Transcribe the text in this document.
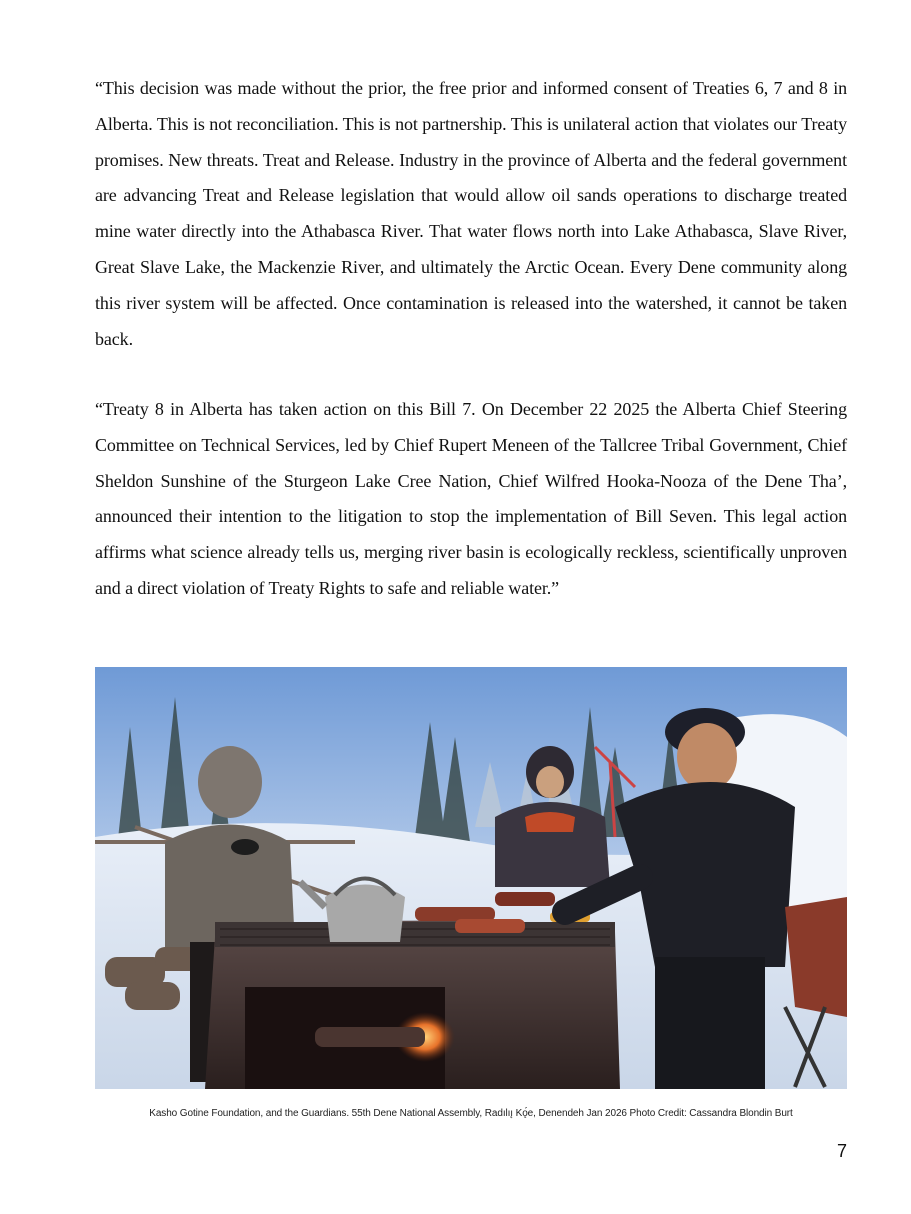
“This decision was made without the prior, the free prior and informed consent of Treaties 6, 7 and 8 in Alberta. This is not reconciliation. This is not partnership. This is unilateral action that violates our Treaty promises. New threats. Treat and Release. Industry in the province of Alberta and the federal government are advancing Treat and Release legislation that would allow oil sands operations to discharge treated mine water directly into the Athabasca River. That water flows north into Lake Athabasca, Slave River, Great Slave Lake, the Mackenzie River, and ultimately the Arctic Ocean. Every Dene community along this river system will be affected. Once contamination is released into the watershed, it cannot be taken back.

“Treaty 8 in Alberta has taken action on this Bill 7. On December 22 2025 the Alberta Chief Steering Committee on Technical Services, led by Chief Rupert Meneen of the Tallcree Tribal Government, Chief Sheldon Sunshine of the Sturgeon Lake Cree Nation, Chief Wilfred Hooka-Nooza of the Dene Tha’, announced their intention to the litigation to stop the implementation of Bill Seven. This legal action affirms what science already tells us, merging river basin is ecologically reckless, scientifically unproven and a direct violation of Treaty Rights to safe and reliable water.”

Kasho Gotine Foundation, and the Guardians. 55th Dene National Assembly, Radılıı̨ Kǫ́e, Denendeh Jan 2026 Photo Credit: Cassandra Blondin Burt
7
